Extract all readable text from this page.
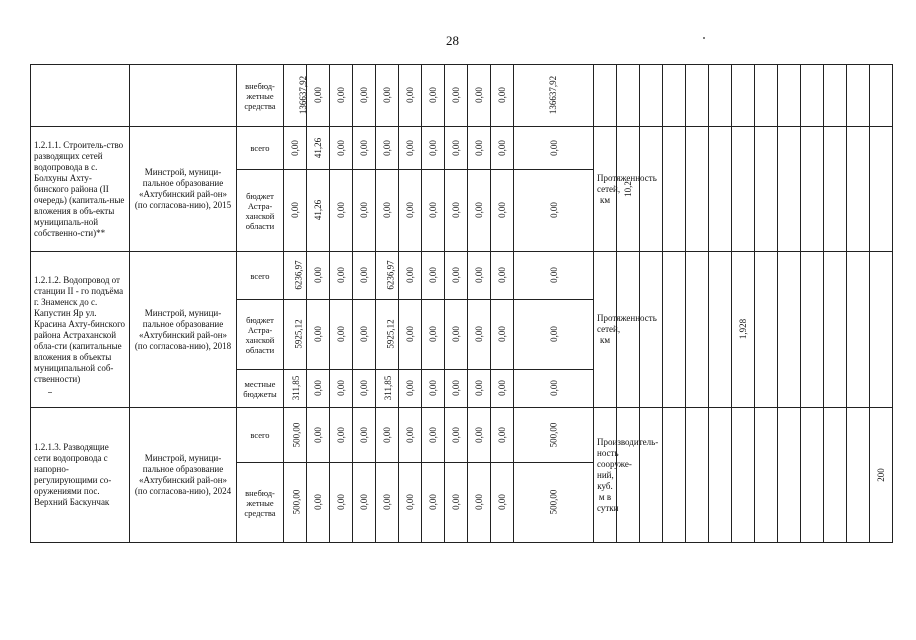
28
		внебюд-жетные средства	136637,92	0,00	0,00	0,00	0,00	0,00	0,00	0,00	0,00	0,00	136637,92													
1.2.1.1. Строитель-ство разводящих сетей водопровода в с. Болхуны Ахту-бинского района (II очередь) (капиталь-ные вложения в объ-екты муниципаль-ной собственно-сти)**	Минстрой, муници-пальное образование «Ахтубинский рай-он» (по согласова-нию), 2015	всего	0,00	41,26	0,00	0,00	0,00	0,00	0,00	0,00	0,00	0,00	0,00	Протяженность сетей, км	10,2											
		бюджет Астра-ханской области	0,00	41,26	0,00	0,00	0,00	0,00	0,00	0,00	0,00	0,00	0,00													
1.2.1.2. Водопровод от станции II - го подъёма г. Знаменск до с. Капустин Яр ул. Красина Ахту-бинского района Астраханской обла-сти (капитальные вложения в объекты муниципальной соб-ственности)	Минстрой, муници-пальное образование «Ахтубинский рай-он» (по согласова-нию), 2018	всего	6236,97	0,00	0,00	0,00	6236,97	0,00	0,00	0,00	0,00	0,00	0,00	Протяженность сетей, км						1,928						
		бюджет Астра-ханской области	5925,12	0,00	0,00	0,00	5925,12	0,00	0,00	0,00	0,00	0,00	0,00													
		местные бюджеты	311,85	0,00	0,00	0,00	311,85	0,00	0,00	0,00	0,00	0,00	0,00													
1.2.1.3. Разводящие сети водопровода с напорно-регулирующими со-оружениями пос. Верхний Баскунчак	Минстрой, муници-пальное образование «Ахтубинский рай-он» (по согласова-нию), 2024	всего	500,00	0,00	0,00	0,00	0,00	0,00	0,00	0,00	0,00	0,00	500,00	Производитель-ность сооруже-ний, куб. м в сутки												200
		внебюд-жетные средства	500,00	0,00	0,00	0,00	0,00	0,00	0,00	0,00	0,00	0,00	500,00													
